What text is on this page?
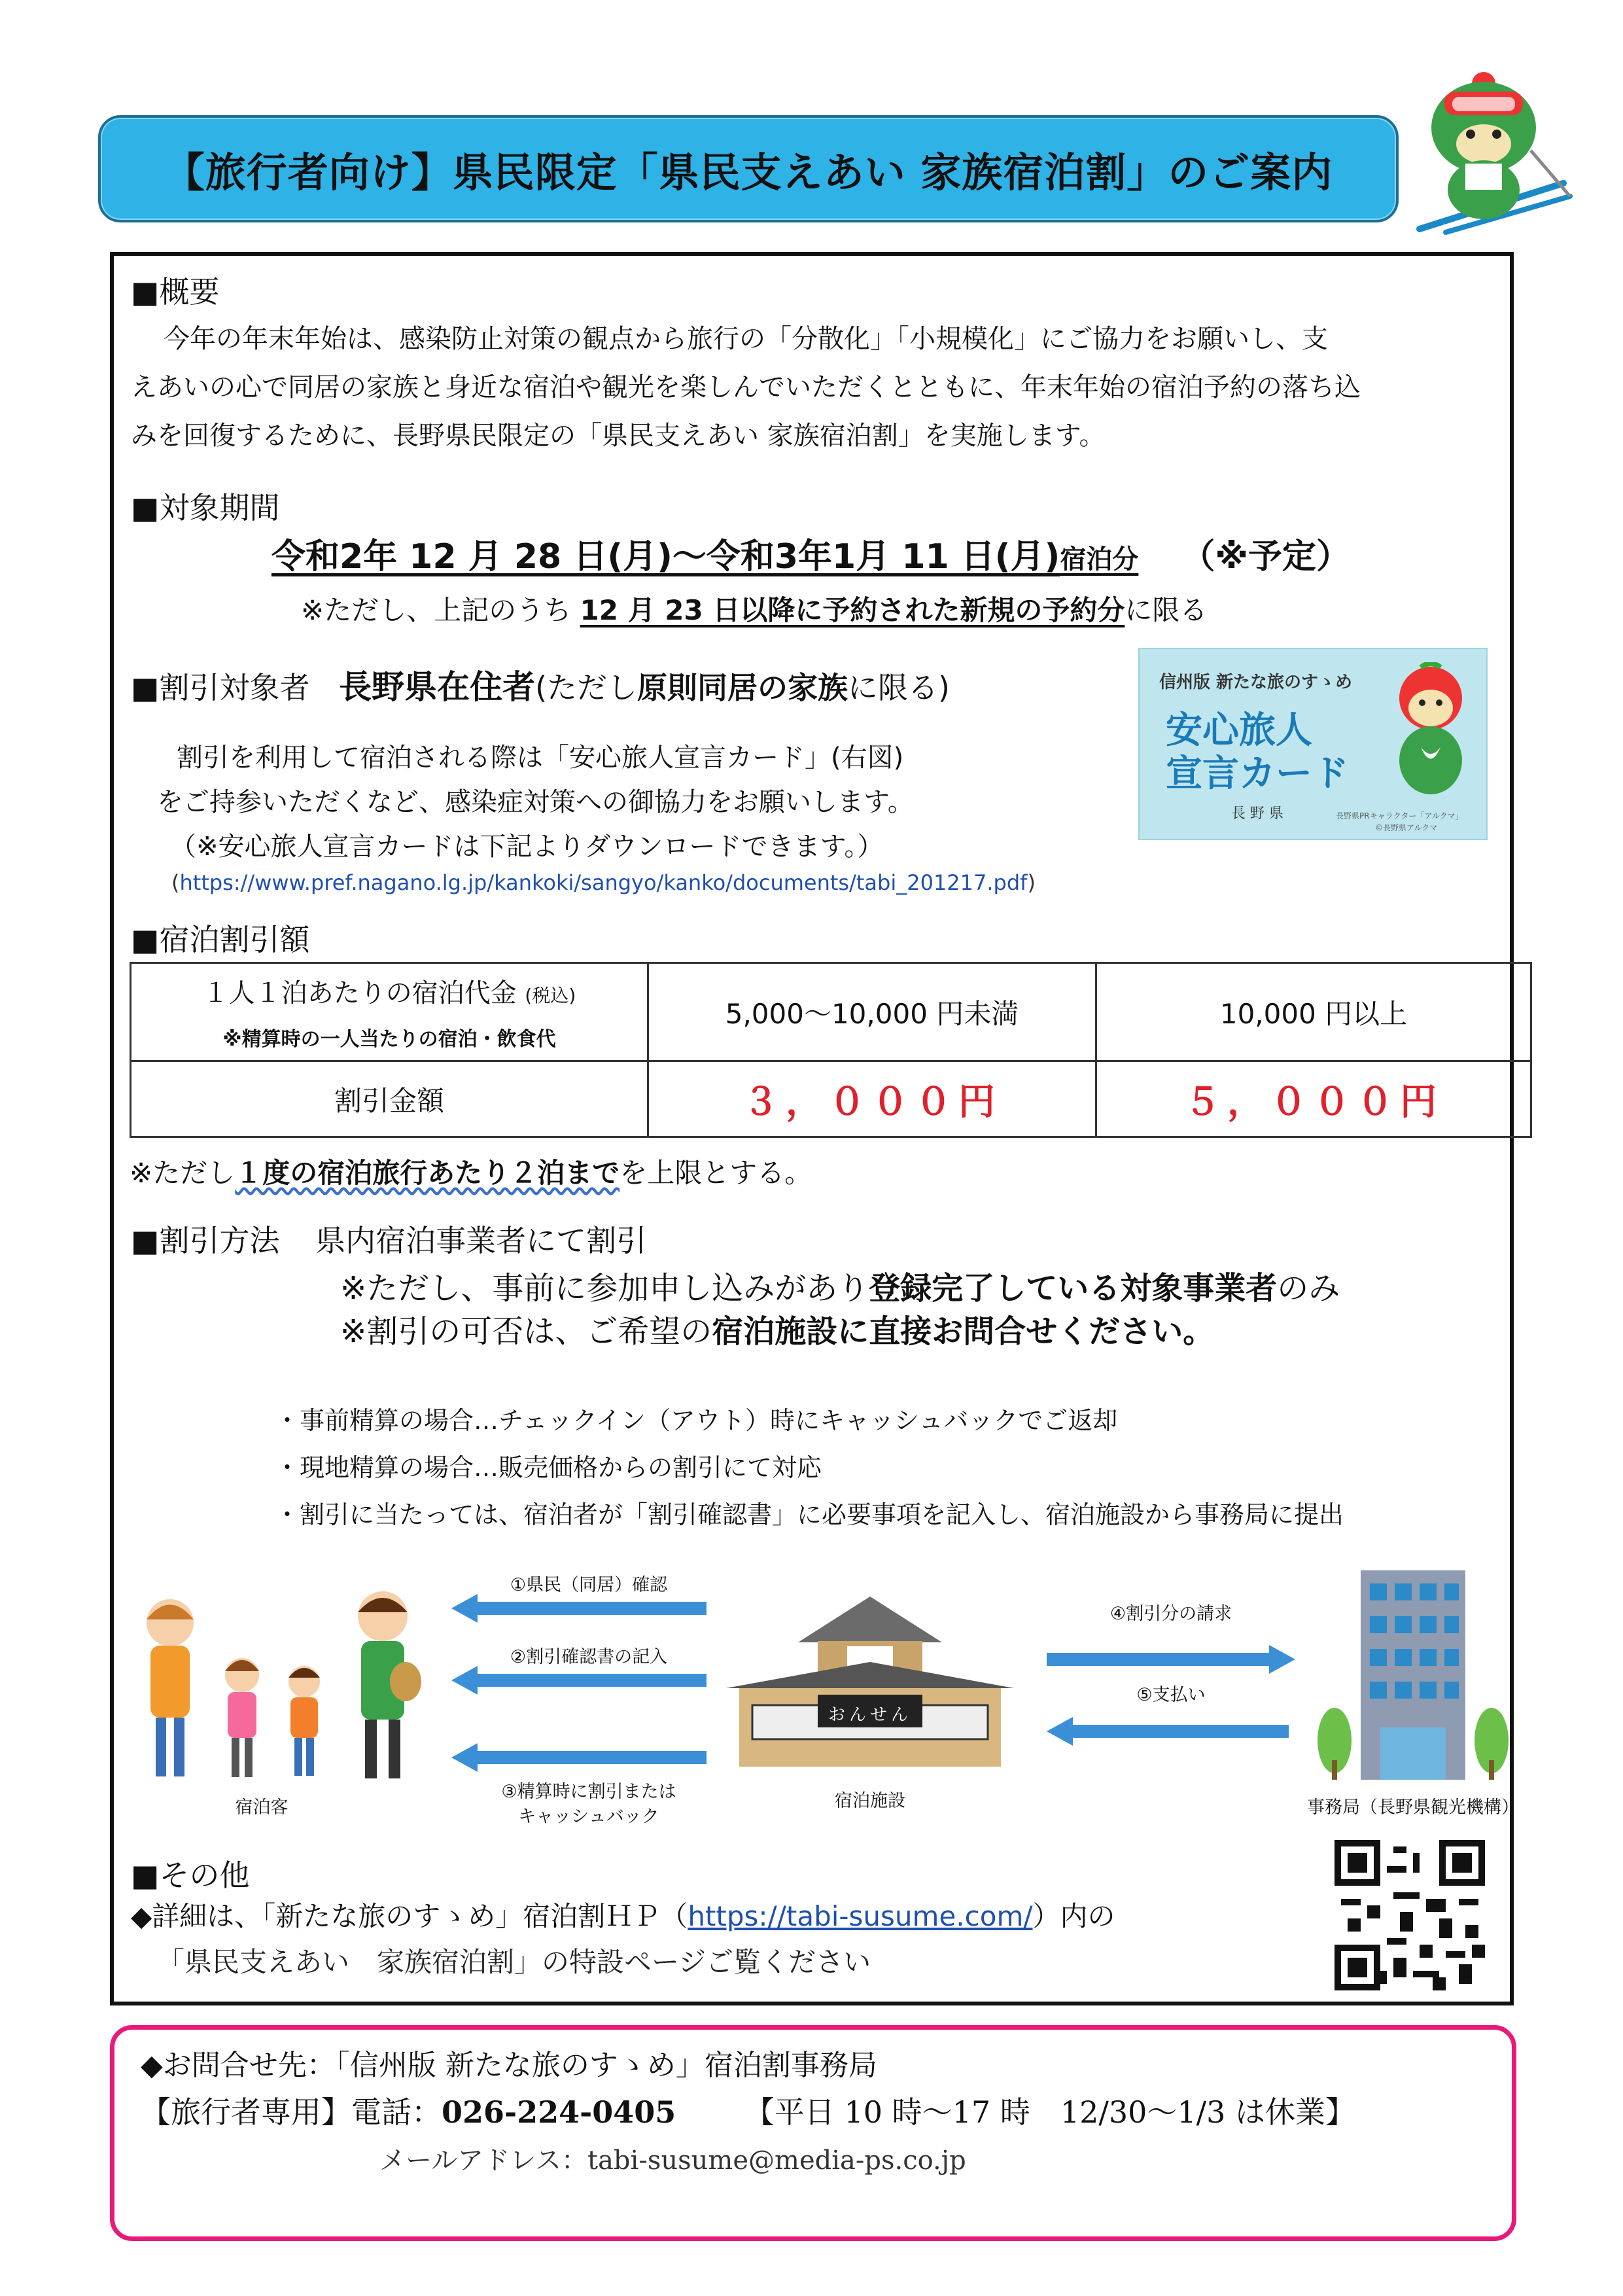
【旅行者向け】県民限定「県民支えあい 家族宿泊割」のご案内
■概要
今年の年末年始は、感染防止対策の観点から旅行の「分散化」「小規模化」にご協力をお願いし、支
えあいの心で同居の家族と身近な宿泊や観光を楽しんでいただくとともに、年末年始の宿泊予約の落ち込
みを回復するために、長野県民限定の「県民支えあい 家族宿泊割」を実施します。
■対象期間
令和2年 12 月 28 日(月)～令和3年1月 11 日(月)宿泊分 （※予定）
※ただし、上記のうち 12 月 23 日以降に予約された新規の予約分に限る
■割引対象者 長野県在住者(ただし原則同居の家族に限る)
割引を利用して宿泊される際は「安心旅人宣言カード」(右図)
をご持参いただくなど、感染症対策への御協力をお願いします。
（※安心旅人宣言カードは下記よりダウンロードできます。）
(https://www.pref.nagano.lg.jp/kankoki/sangyo/kanko/documents/tabi_201217.pdf)
信州版 新たな旅のすゝめ
安心旅人
宣言カード
長 野 県	長野県PRキャラクター「アルクマ」
©長野県アルクマ
■宿泊割引額
１人１泊あたりの宿泊代金 (税込)
※精算時の一人当たりの宿泊・飲食代	5,000～10,000 円未満	10,000 円以上
割引金額	３，０００円	５，０００円
※ただし１度の宿泊旅行あたり２泊までを上限とする。
■割引方法 県内宿泊事業者にて割引
※ただし、事前に参加申し込みがあり登録完了している対象事業者のみ
※割引の可否は、ご希望の宿泊施設に直接お問合せください。
・事前精算の場合…チェックイン（アウト）時にキャッシュバックでご返却
・現地精算の場合…販売価格からの割引にて対応
・割引に当たっては、宿泊者が「割引確認書」に必要事項を記入し、宿泊施設から事務局に提出
宿泊客
①県民（同居）確認
②割引確認書の記入
③精算時に割引または
キャッシュバック
おんせん
宿泊施設
④割引分の請求
⑤支払い
事務局（長野県観光機構）
■その他
◆詳細は、「新たな旅のすゝめ」宿泊割ＨＰ（https://tabi-susume.com/）内の
「県民支えあい　家族宿泊割」の特設ページご覧ください
◆お問合せ先：「信州版 新たな旅のすゝめ」宿泊割事務局
【旅行者専用】電話：026-224-0405 【平日 10 時～17 時　12/30～1/3 は休業】
メールアドレス：tabi-susume@media-ps.co.jp
